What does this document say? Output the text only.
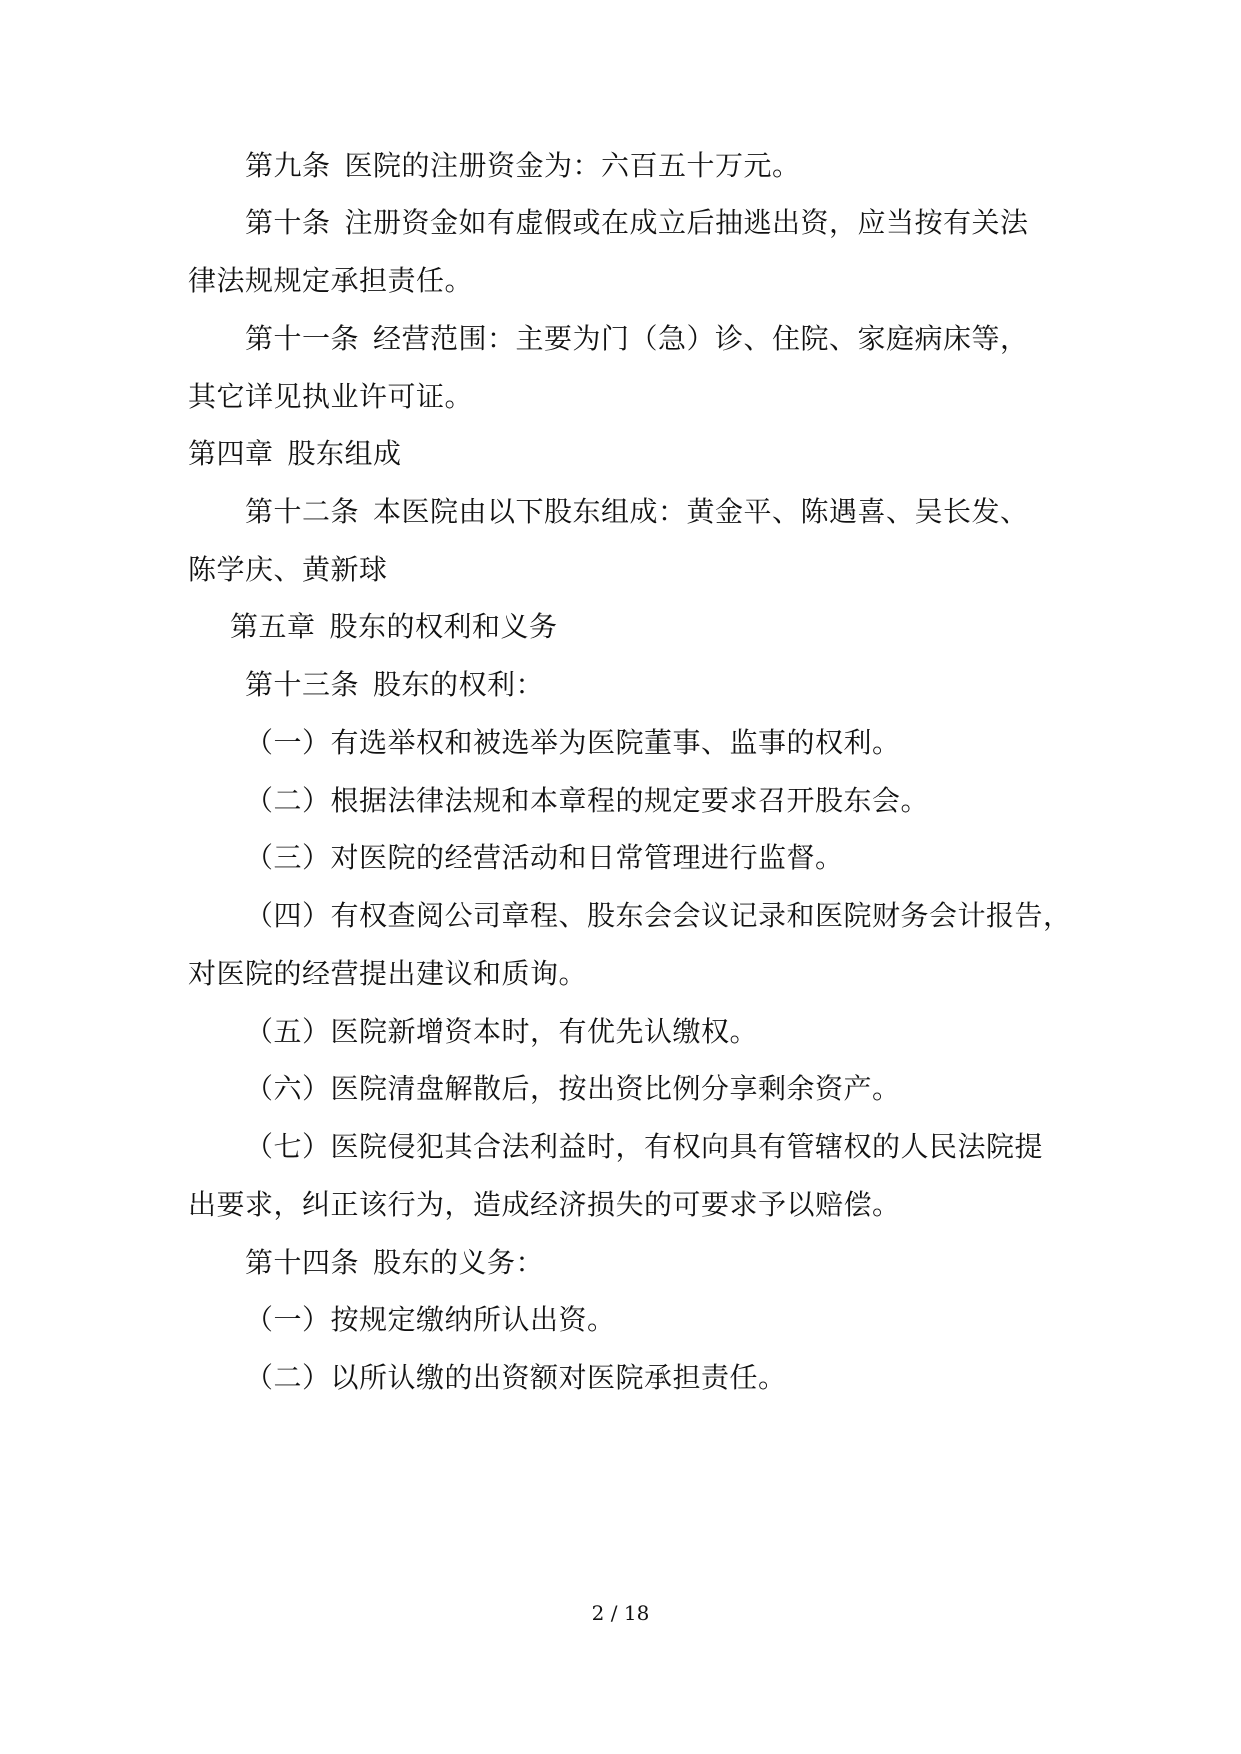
第九条 医院的注册资金为：六百五十万元。
第十条 注册资金如有虚假或在成立后抽逃出资，应当按有关法
律法规规定承担责任。
第十一条 经营范围：主要为门（急）诊、住院、家庭病床等，
其它详见执业许可证。
第四章 股东组成
第十二条 本医院由以下股东组成：黄金平、陈遇喜、吴长发、
陈学庆、黄新球
第五章 股东的权利和义务
第十三条 股东的权利：
（一）有选举权和被选举为医院董事、监事的权利。
（二）根据法律法规和本章程的规定要求召开股东会。
（三）对医院的经营活动和日常管理进行监督。
（四）有权查阅公司章程、股东会会议记录和医院财务会计报告，
对医院的经营提出建议和质询。
（五）医院新增资本时，有优先认缴权。
（六）医院清盘解散后，按出资比例分享剩余资产。
（七）医院侵犯其合法利益时，有权向具有管辖权的人民法院提
出要求，纠正该行为，造成经济损失的可要求予以赔偿。
第十四条 股东的义务：
（一）按规定缴纳所认出资。
（二）以所认缴的出资额对医院承担责任。
2 / 18
